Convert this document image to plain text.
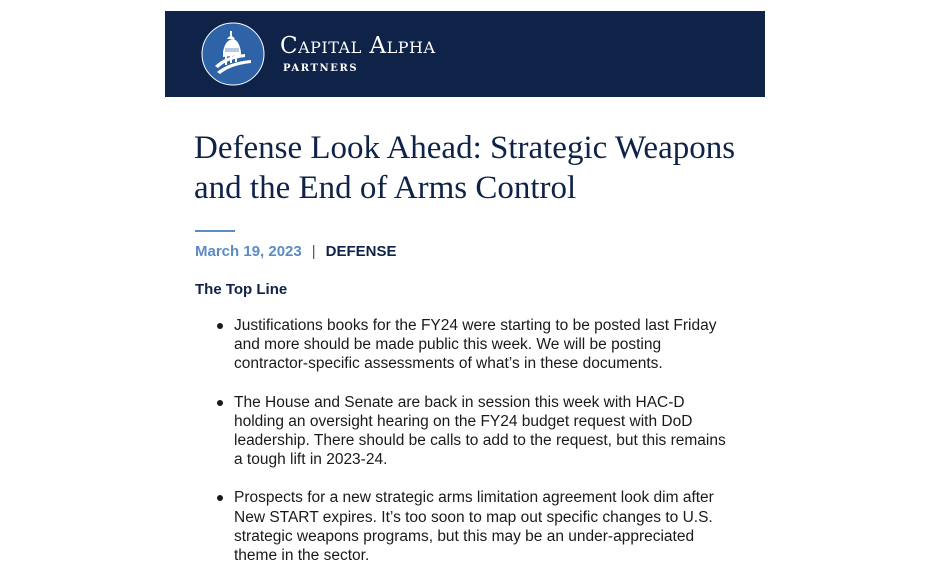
Capital Alpha
PARTNERS
Defense Look Ahead: Strategic Weapons and the End of Arms Control
March 19, 2023 | DEFENSE
The Top Line
Justifications books for the FY24 were starting to be posted last Friday and more should be made public this week. We will be posting contractor-specific assessments of what’s in these documents.
The House and Senate are back in session this week with HAC-D holding an oversight hearing on the FY24 budget request with DoD leadership. There should be calls to add to the request, but this remains a tough lift in 2023-24.
Prospects for a new strategic arms limitation agreement look dim after New START expires. It’s too soon to map out specific changes to U.S. strategic weapons programs, but this may be an under-appreciated theme in the sector.
